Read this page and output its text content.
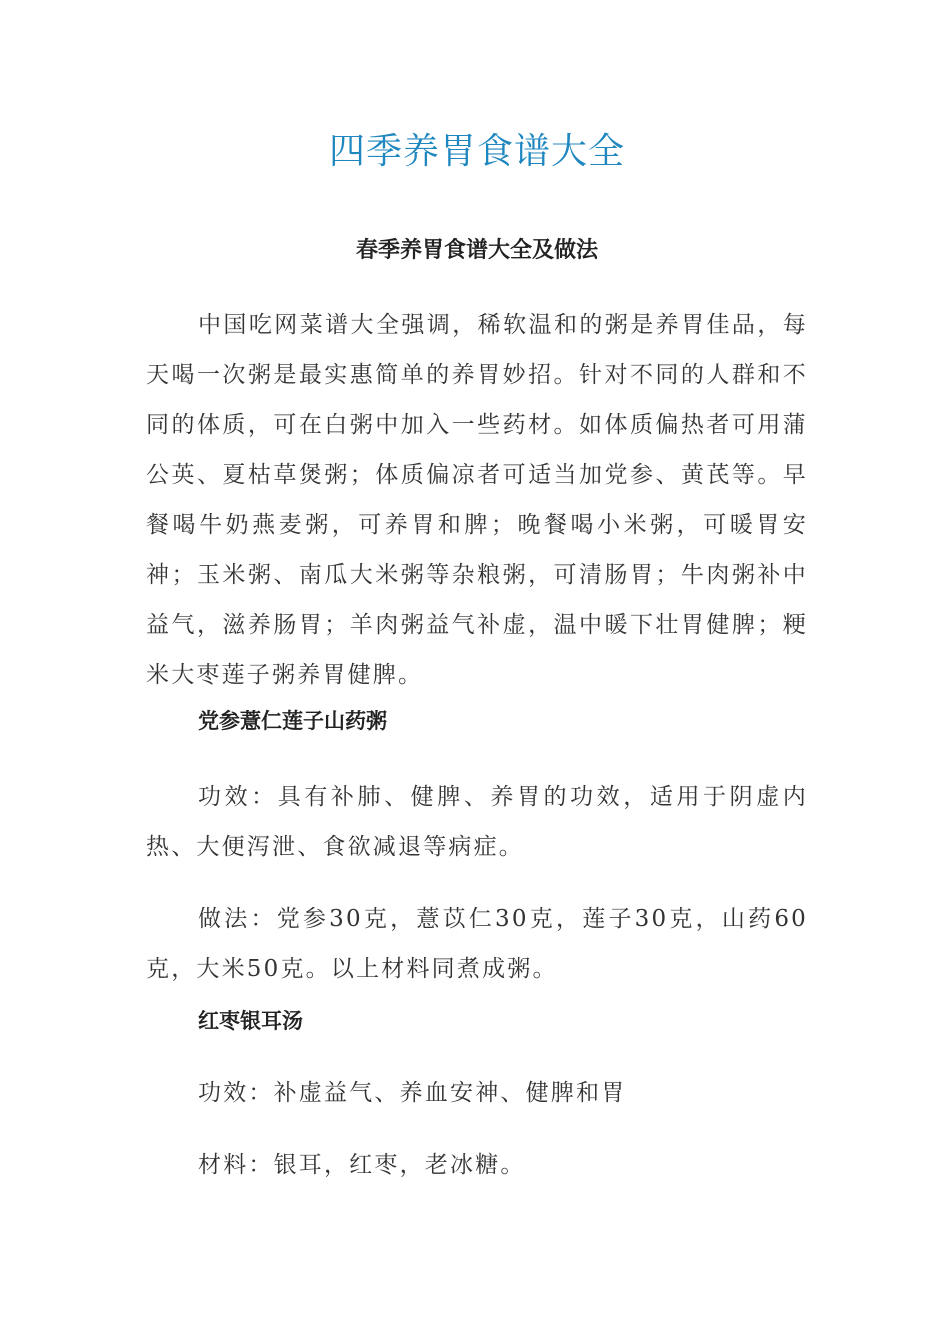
四季养胃食谱大全
春季养胃食谱大全及做法

中国吃网菜谱大全强调，稀软温和的粥是养胃佳品，每天喝一次粥是最实惠简单的养胃妙招。针对不同的人群和不同的体质，可在白粥中加入一些药材。如体质偏热者可用蒲公英、夏枯草煲粥；体质偏凉者可适当加党参、黄芪等。早餐喝牛奶燕麦粥，可养胃和脾；晚餐喝小米粥，可暖胃安神；玉米粥、南瓜大米粥等杂粮粥，可清肠胃；牛肉粥补中益气，滋养肠胃；羊肉粥益气补虚，温中暖下壮胃健脾；粳米大枣莲子粥养胃健脾。

党参薏仁莲子山药粥

功效：具有补肺、健脾、养胃的功效，适用于阴虚内热、大便泻泄、食欲减退等病症。

做法：党参30克，薏苡仁30克，莲子30克，山药60克，大米50克。以上材料同煮成粥。

红枣银耳汤

功效：补虚益气、养血安神、健脾和胃

材料：银耳，红枣，老冰糖。
